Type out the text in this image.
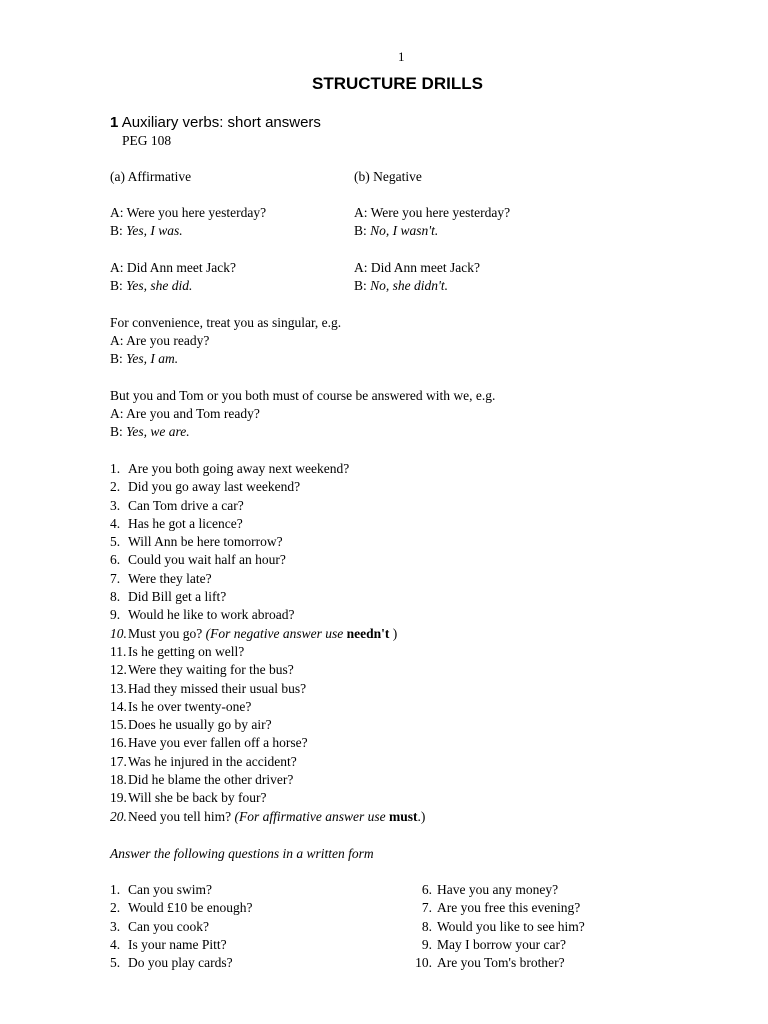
1
STRUCTURE DRILLS
1 Auxiliary verbs: short answers
PEG 108
(a) Affirmative	(b) Negative
A: Were you here yesterday?
B: Yes, I was.
A: Were you here yesterday?
B: No, I wasn't.
A: Did Ann meet Jack?
B: Yes, she did.
A: Did Ann meet Jack?
B: No, she didn't.
For convenience, treat you as singular, e.g.
A: Are you ready?
B: Yes, I am.
But you and Tom or you both must of course be answered with we, e.g.
A: Are you and Tom ready?
B: Yes, we are.
1. Are you both going away next weekend?
2. Did you go away last weekend?
3. Can Tom drive a car?
4. Has he got a licence?
5. Will Ann be here tomorrow?
6. Could you wait half an hour?
7. Were they late?
8. Did Bill get a lift?
9. Would he like to work abroad?
10.Must you go? (For negative answer use needn't )
11. Is he getting on well?
12.Were they waiting for the bus?
13.Had they missed their usual bus?
14.Is he over twenty-one?
15.Does he usually go by air?
16.Have you ever fallen off a horse?
17.Was he injured in the accident?
18.Did he blame the other driver?
19.Will she be back by four?
20.Need you tell him? (For affirmative answer use must.)
Answer the following questions in a written form
1. Can you swim?
2. Would £10 be enough?
3. Can you cook?
4. Is your name Pitt?
5. Do you play cards?
6. Have you any money?
7. Are you free this evening?
8. Would you like to see him?
9. May I borrow your car?
10. Are you Tom's brother?
